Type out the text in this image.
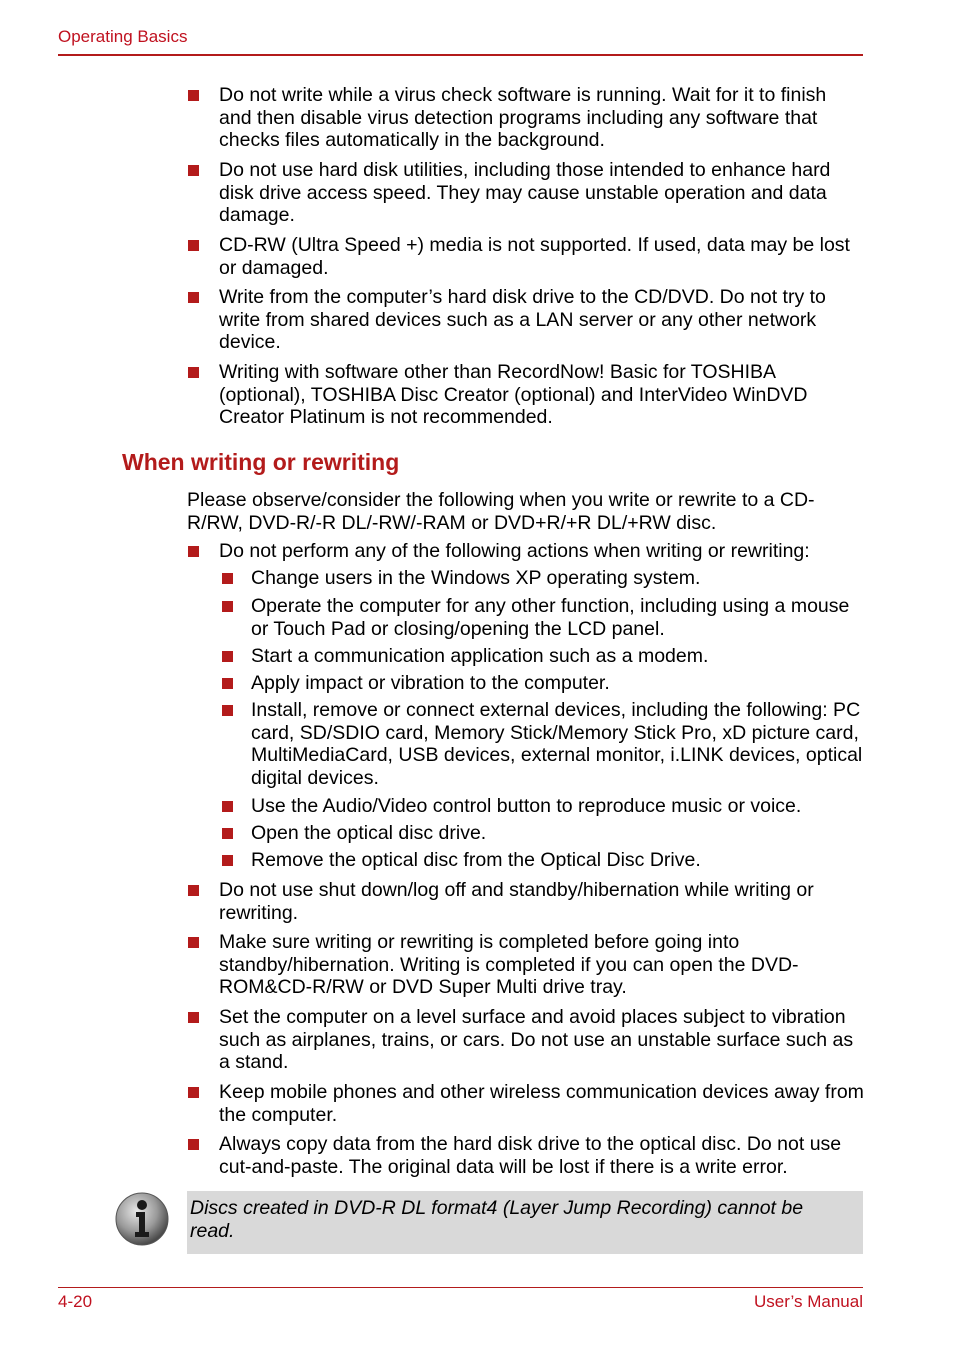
Operating Basics
Do not write while a virus check software is running. Wait for it to finish and then disable virus detection programs including any software that checks files automatically in the background.
Do not use hard disk utilities, including those intended to enhance hard disk drive access speed. They may cause unstable operation and data damage.
CD-RW (Ultra Speed +) media is not supported. If used, data may be lost or damaged.
Write from the computer’s hard disk drive to the CD/DVD. Do not try to write from shared devices such as a LAN server or any other network device.
Writing with software other than RecordNow! Basic for TOSHIBA (optional), TOSHIBA Disc Creator (optional) and InterVideo WinDVD Creator Platinum is not recommended.
When writing or rewriting
Please observe/consider the following when you write or rewrite to a CD-R/RW, DVD-R/-R DL/-RW/-RAM or DVD+R/+R DL/+RW disc.
Do not perform any of the following actions when writing or rewriting:
Change users in the Windows XP operating system.
Operate the computer for any other function, including using a mouse or Touch Pad or closing/opening the LCD panel.
Start a communication application such as a modem.
Apply impact or vibration to the computer.
Install, remove or connect external devices, including the following: PC card, SD/SDIO card, Memory Stick/Memory Stick Pro, xD picture card, MultiMediaCard, USB devices, external monitor, i.LINK devices, optical digital devices.
Use the Audio/Video control button to reproduce music or voice.
Open the optical disc drive.
Remove the optical disc from the Optical Disc Drive.
Do not use shut down/log off and standby/hibernation while writing or rewriting.
Make sure writing or rewriting is completed before going into standby/hibernation. Writing is completed if you can open the DVD-ROM&CD-R/RW or DVD Super Multi drive tray.
Set the computer on a level surface and avoid places subject to vibration such as airplanes, trains, or cars. Do not use an unstable surface such as a stand.
Keep mobile phones and other wireless communication devices away from the computer.
Always copy data from the hard disk drive to the optical disc. Do not use cut-and-paste. The original data will be lost if there is a write error.
Discs created in DVD-R DL format4 (Layer Jump Recording) cannot be read.
4-20	User’s Manual
